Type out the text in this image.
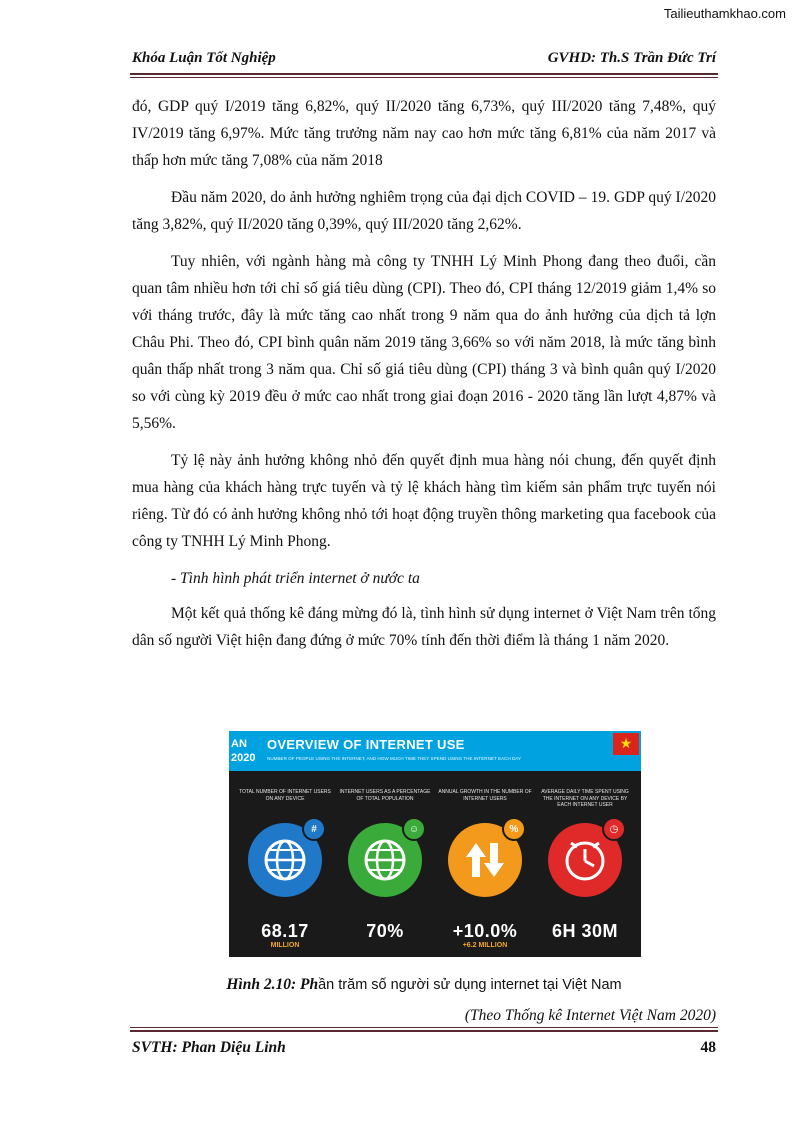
Tailieuthamkhao.com
Khóa Luận Tốt Nghiệp	GVHD: Th.S Trần Đức Trí

đó, GDP quý I/2019 tăng 6,82%, quý II/2020 tăng 6,73%, quý III/2020 tăng 7,48%, quý IV/2019 tăng 6,97%. Mức tăng trưởng năm nay cao hơn mức tăng 6,81% của năm 2017 và thấp hơn mức tăng 7,08% của năm 2018

Đầu năm 2020, do ảnh hưởng nghiêm trọng của đại dịch COVID – 19. GDP quý I/2020 tăng 3,82%, quý II/2020 tăng 0,39%, quý III/2020 tăng 2,62%.

Tuy nhiên, với ngành hàng mà công ty TNHH Lý Minh Phong đang theo đuổi, cần quan tâm nhiều hơn tới chỉ số giá tiêu dùng (CPI). Theo đó, CPI tháng 12/2019 giảm 1,4% so với tháng trước, đây là mức tăng cao nhất trong 9 năm qua do ảnh hưởng của dịch tả lợn Châu Phi. Theo đó, CPI bình quân năm 2019 tăng 3,66% so với năm 2018, là mức tăng bình quân thấp nhất trong 3 năm qua. Chỉ số giá tiêu dùng (CPI) tháng 3 và bình quân quý I/2020 so với cùng kỳ 2019 đều ở mức cao nhất trong giai đoạn 2016 - 2020 tăng lần lượt 4,87% và 5,56%.

Tỷ lệ này ảnh hưởng không nhỏ đến quyết định mua hàng nói chung, đến quyết định mua hàng của khách hàng trực tuyến và tỷ lệ khách hàng tìm kiếm sản phẩm trực tuyến nói riêng. Từ đó có ảnh hưởng không nhỏ tới hoạt động truyền thông marketing qua facebook của công ty TNHH Lý Minh Phong.

- Tình hình phát triển internet ở nước ta

Một kết quả thống kê đáng mừng đó là, tình hình sử dụng internet ở Việt Nam trên tổng dân số người Việt hiện đang đứng ở mức 70% tính đến thời điểm là tháng 1 năm 2020.

OVERVIEW OF INTERNET USE
NUMBER OF PEOPLE USING THE INTERNET, AND HOW MUCH TIME THEY SPEND USING THE INTERNET EACH DAY
★
AN
2020
TOTAL NUMBER OF INTERNET USERS ON ANY DEVICE
#
68.17
MILLION
INTERNET USERS AS A PERCENTAGE OF TOTAL POPULATION
☺
70%
ANNUAL GROWTH IN THE NUMBER OF INTERNET USERS
%
+10.0%
+6.2 MILLION
AVERAGE DAILY TIME SPENT USING THE INTERNET ON ANY DEVICE BY EACH INTERNET USER
◷
6H 30M
Hình 2.10: Phần trăm số người sử dụng internet tại Việt Nam
(Theo Thống kê Internet Việt Nam 2020)
SVTH: Phan Diệu Linh	48
